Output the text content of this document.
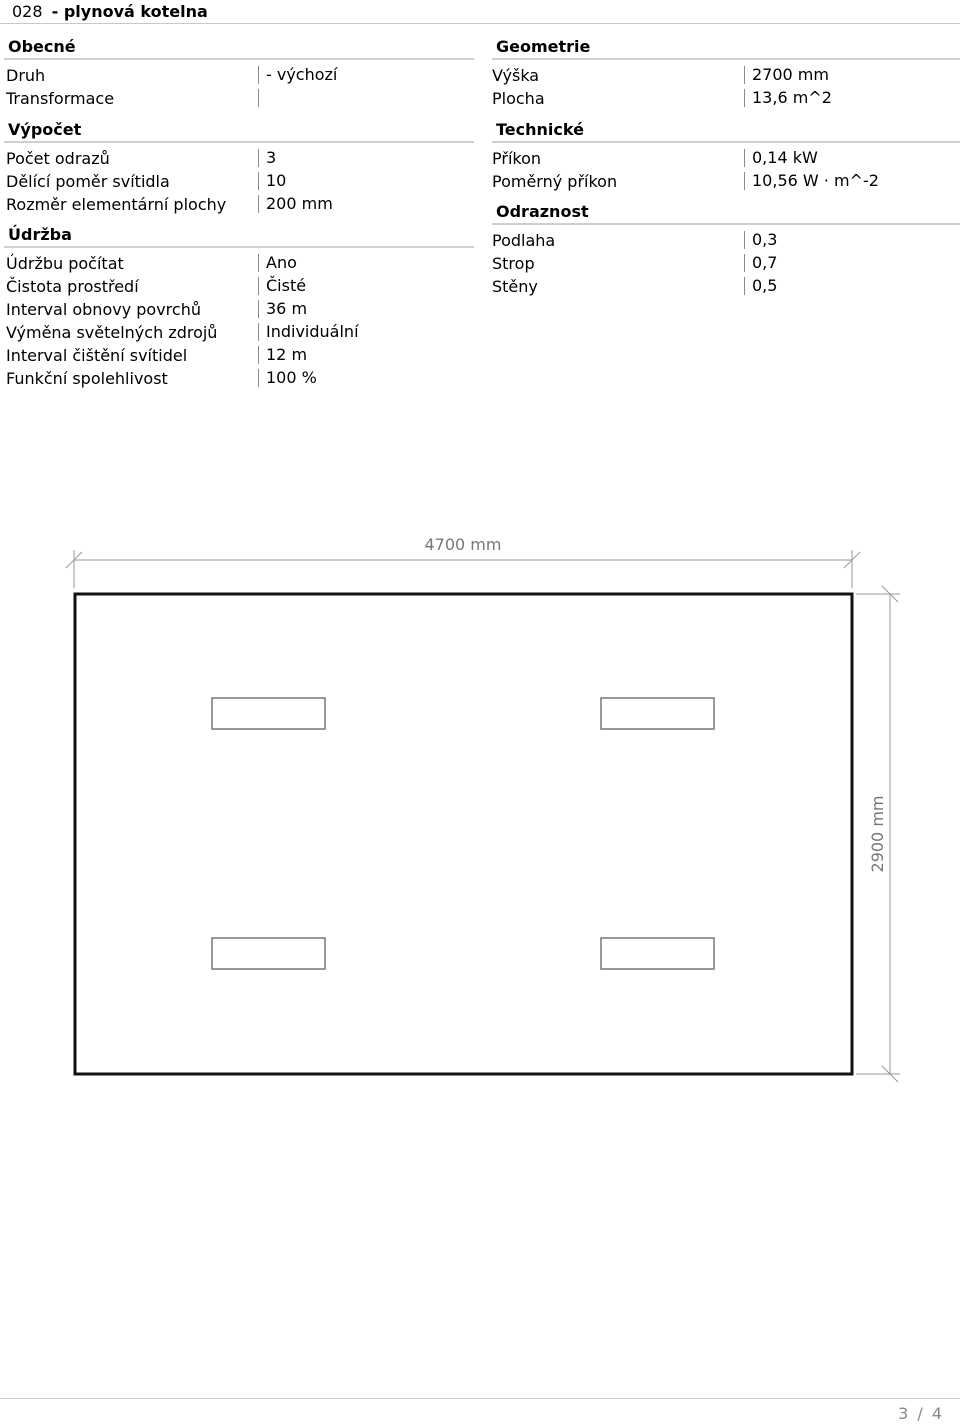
028 - plynová kotelna
Obecné
Druh	- výchozí
Transformace
Výpočet
Počet odrazů	3
Dělící poměr svítidla	10
Rozměr elementární plochy	200 mm
Údržba
Údržbu počítat	Ano
Čistota prostředí	Čisté
Interval obnovy povrchů	36 m
Výměna světelných zdrojů	Individuální
Interval čištění svítidel	12 m
Funkční spolehlivost	100 %
Geometrie
Výška	2700 mm
Plocha	13,6 m^2
Technické
Příkon	0,14 kW
Poměrný příkon	10,56 W · m^-2
Odraznost
Podlaha	0,3
Strop	0,7
Stěny	0,5
4700 mm
2900 mm
3 / 4
